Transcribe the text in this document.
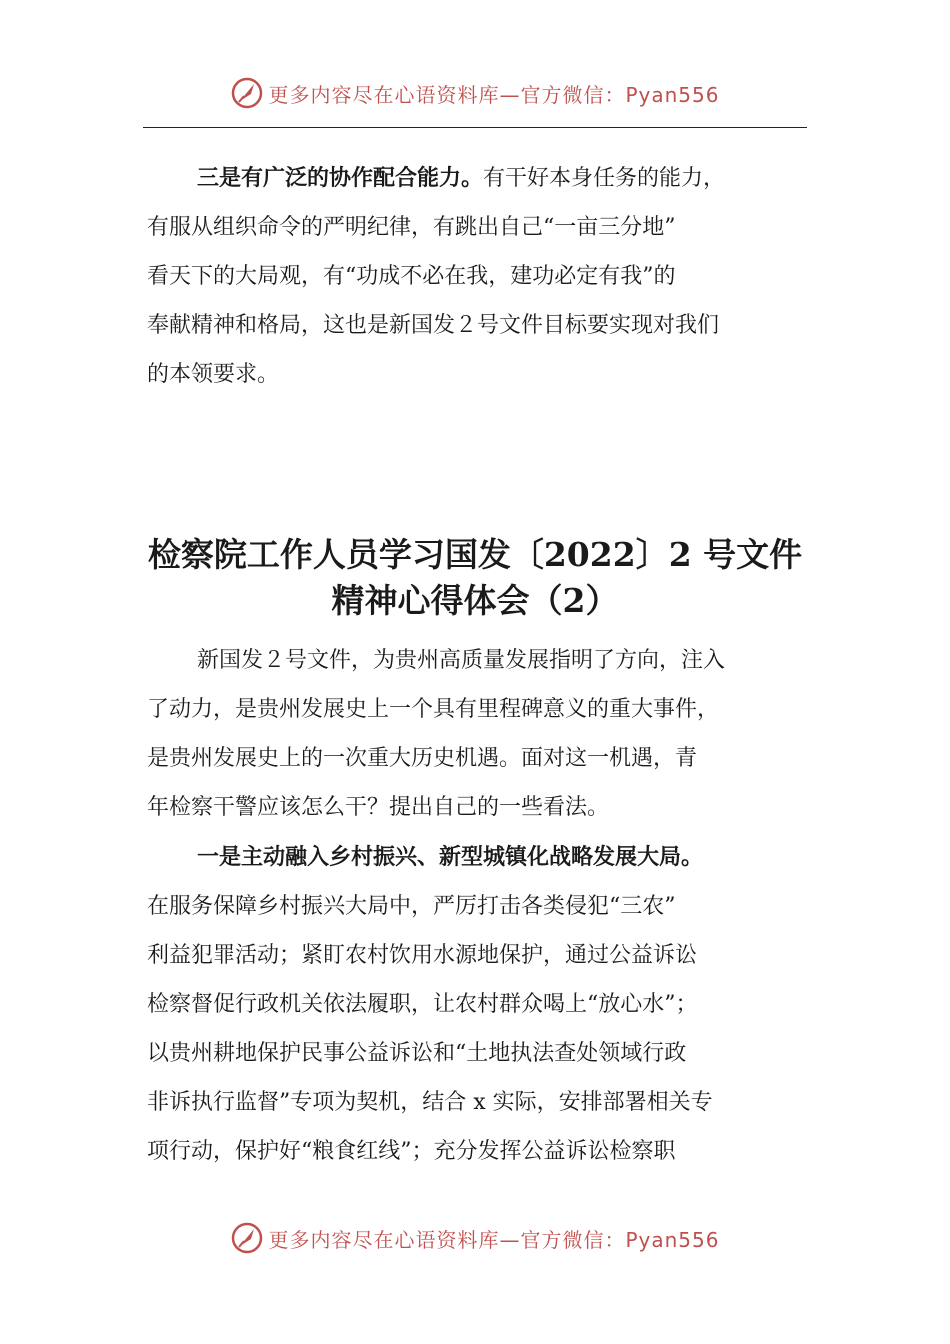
更多内容尽在心语资料库—官方微信：Pyan556
三是有广泛的协作配合能力。有干好本身任务的能力，
有服从组织命令的严明纪律，有跳出自己“一亩三分地”
看天下的大局观，有“功成不必在我，建功必定有我”的
奉献精神和格局，这也是新国发２号文件目标要实现对我们
的本领要求。
检察院工作人员学习国发〔2022〕2 号文件
精神心得体会（2）
新国发２号文件，为贵州高质量发展指明了方向，注入
了动力，是贵州发展史上一个具有里程碑意义的重大事件，
是贵州发展史上的一次重大历史机遇。面对这一机遇，青
年检察干警应该怎么干？提出自己的一些看法。
一是主动融入乡村振兴、新型城镇化战略发展大局。
在服务保障乡村振兴大局中，严厉打击各类侵犯“三农”
利益犯罪活动；紧盯农村饮用水源地保护，通过公益诉讼
检察督促行政机关依法履职，让农村群众喝上“放心水”；
以贵州耕地保护民事公益诉讼和“土地执法查处领域行政
非诉执行监督”专项为契机，结合 x 实际，安排部署相关专
项行动，保护好“粮食红线”；充分发挥公益诉讼检察职
更多内容尽在心语资料库—官方微信：Pyan556
